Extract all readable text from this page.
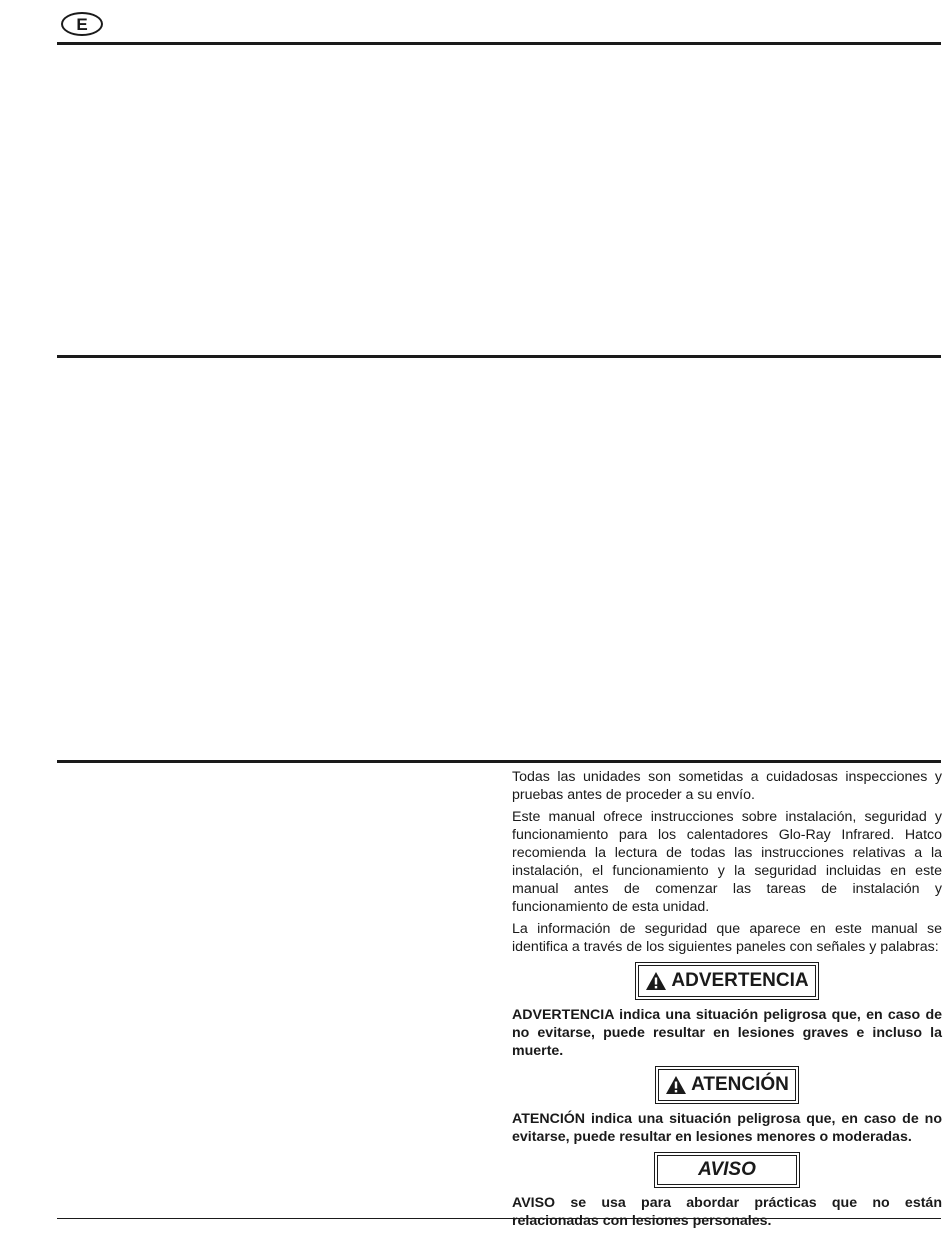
E

Todas las unidades son sometidas a cuidadosas inspecciones y pruebas antes de proceder a su envío.

Este manual ofrece instrucciones sobre instalación, seguridad y funcionamiento para los calentadores Glo-Ray Infrared. Hatco recomienda la lectura de todas las instrucciones relativas a la instalación, el funcionamiento y la seguridad incluidas en este manual antes de comenzar las tareas de instalación y funcionamiento de esta unidad.

La información de seguridad que aparece en este manual se identifica a través de los siguientes paneles con señales y palabras:

ADVERTENCIA

ADVERTENCIA indica una situación peligrosa que, en caso de no evitarse, puede resultar en lesiones graves e incluso la muerte.

ATENCIÓN

ATENCIÓN indica una situación peligrosa que, en caso de no evitarse, puede resultar en lesiones menores o moderadas.

AVISO

AVISO se usa para abordar prácticas que no están relacionadas con lesiones personales.
